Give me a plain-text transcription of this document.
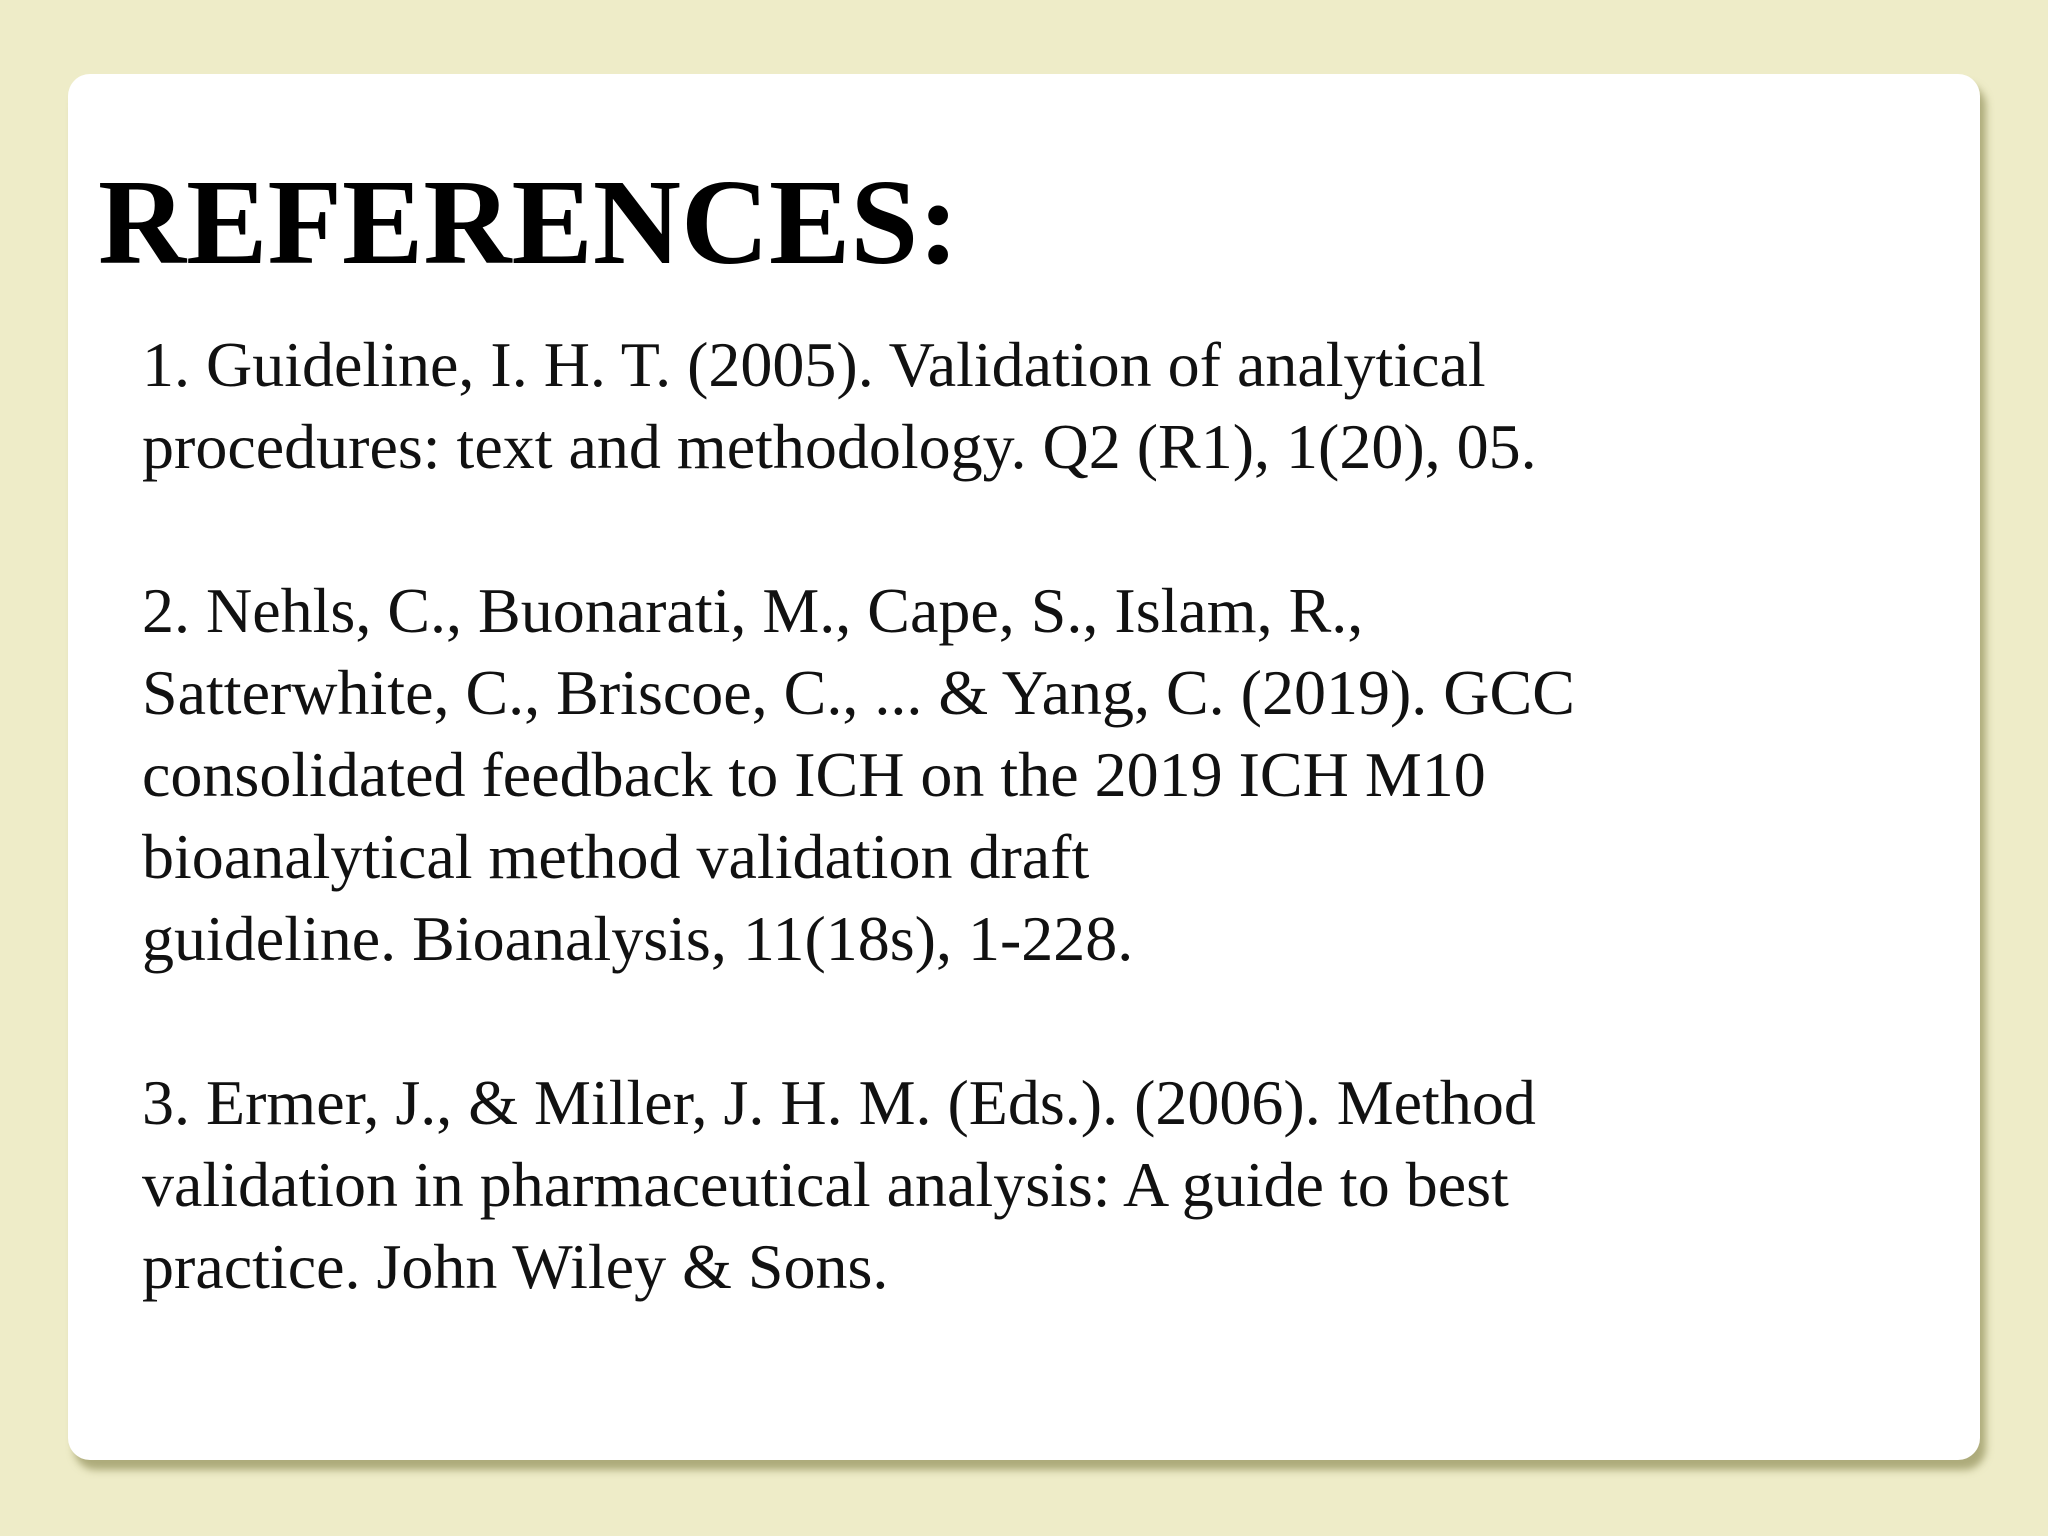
REFERENCES:
1. Guideline, I. H. T. (2005). Validation of analytical
procedures: text and methodology. Q2 (R1), 1(20), 05.
2. Nehls, C., Buonarati, M., Cape, S., Islam, R.,
Satterwhite, C., Briscoe, C., ... & Yang, C. (2019). GCC
consolidated feedback to ICH on the 2019 ICH M10
bioanalytical method validation draft
guideline. Bioanalysis, 11(18s), 1-228.
3. Ermer, J., & Miller, J. H. M. (Eds.). (2006). Method
validation in pharmaceutical analysis: A guide to best
practice. John Wiley & Sons.
